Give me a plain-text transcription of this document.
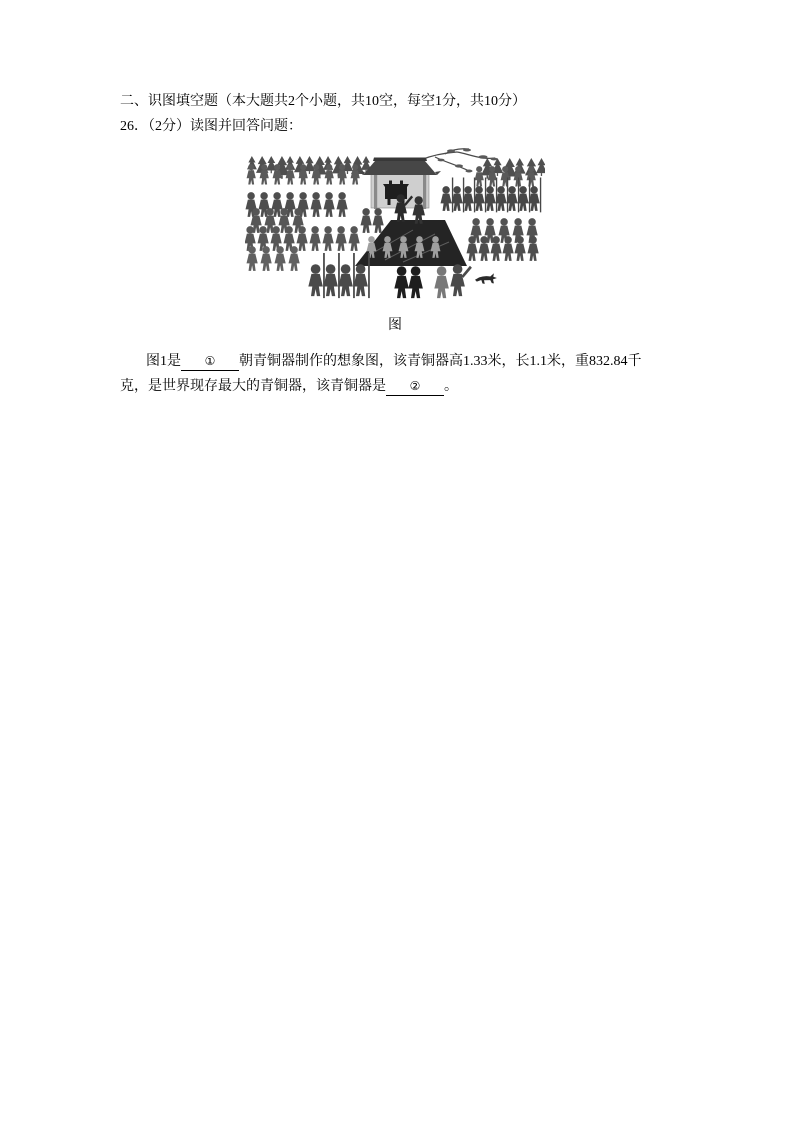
二、识图填空题（本大题共2个小题，共10空，每空1分，共10分）
26．（2分）读图并回答问题：
图
图1是 ① 朝青铜器制作的想象图，该青铜器高1.33米，长1.1米，重832.84千
克，是世界现存最大的青铜器，该青铜器是 ② 。
